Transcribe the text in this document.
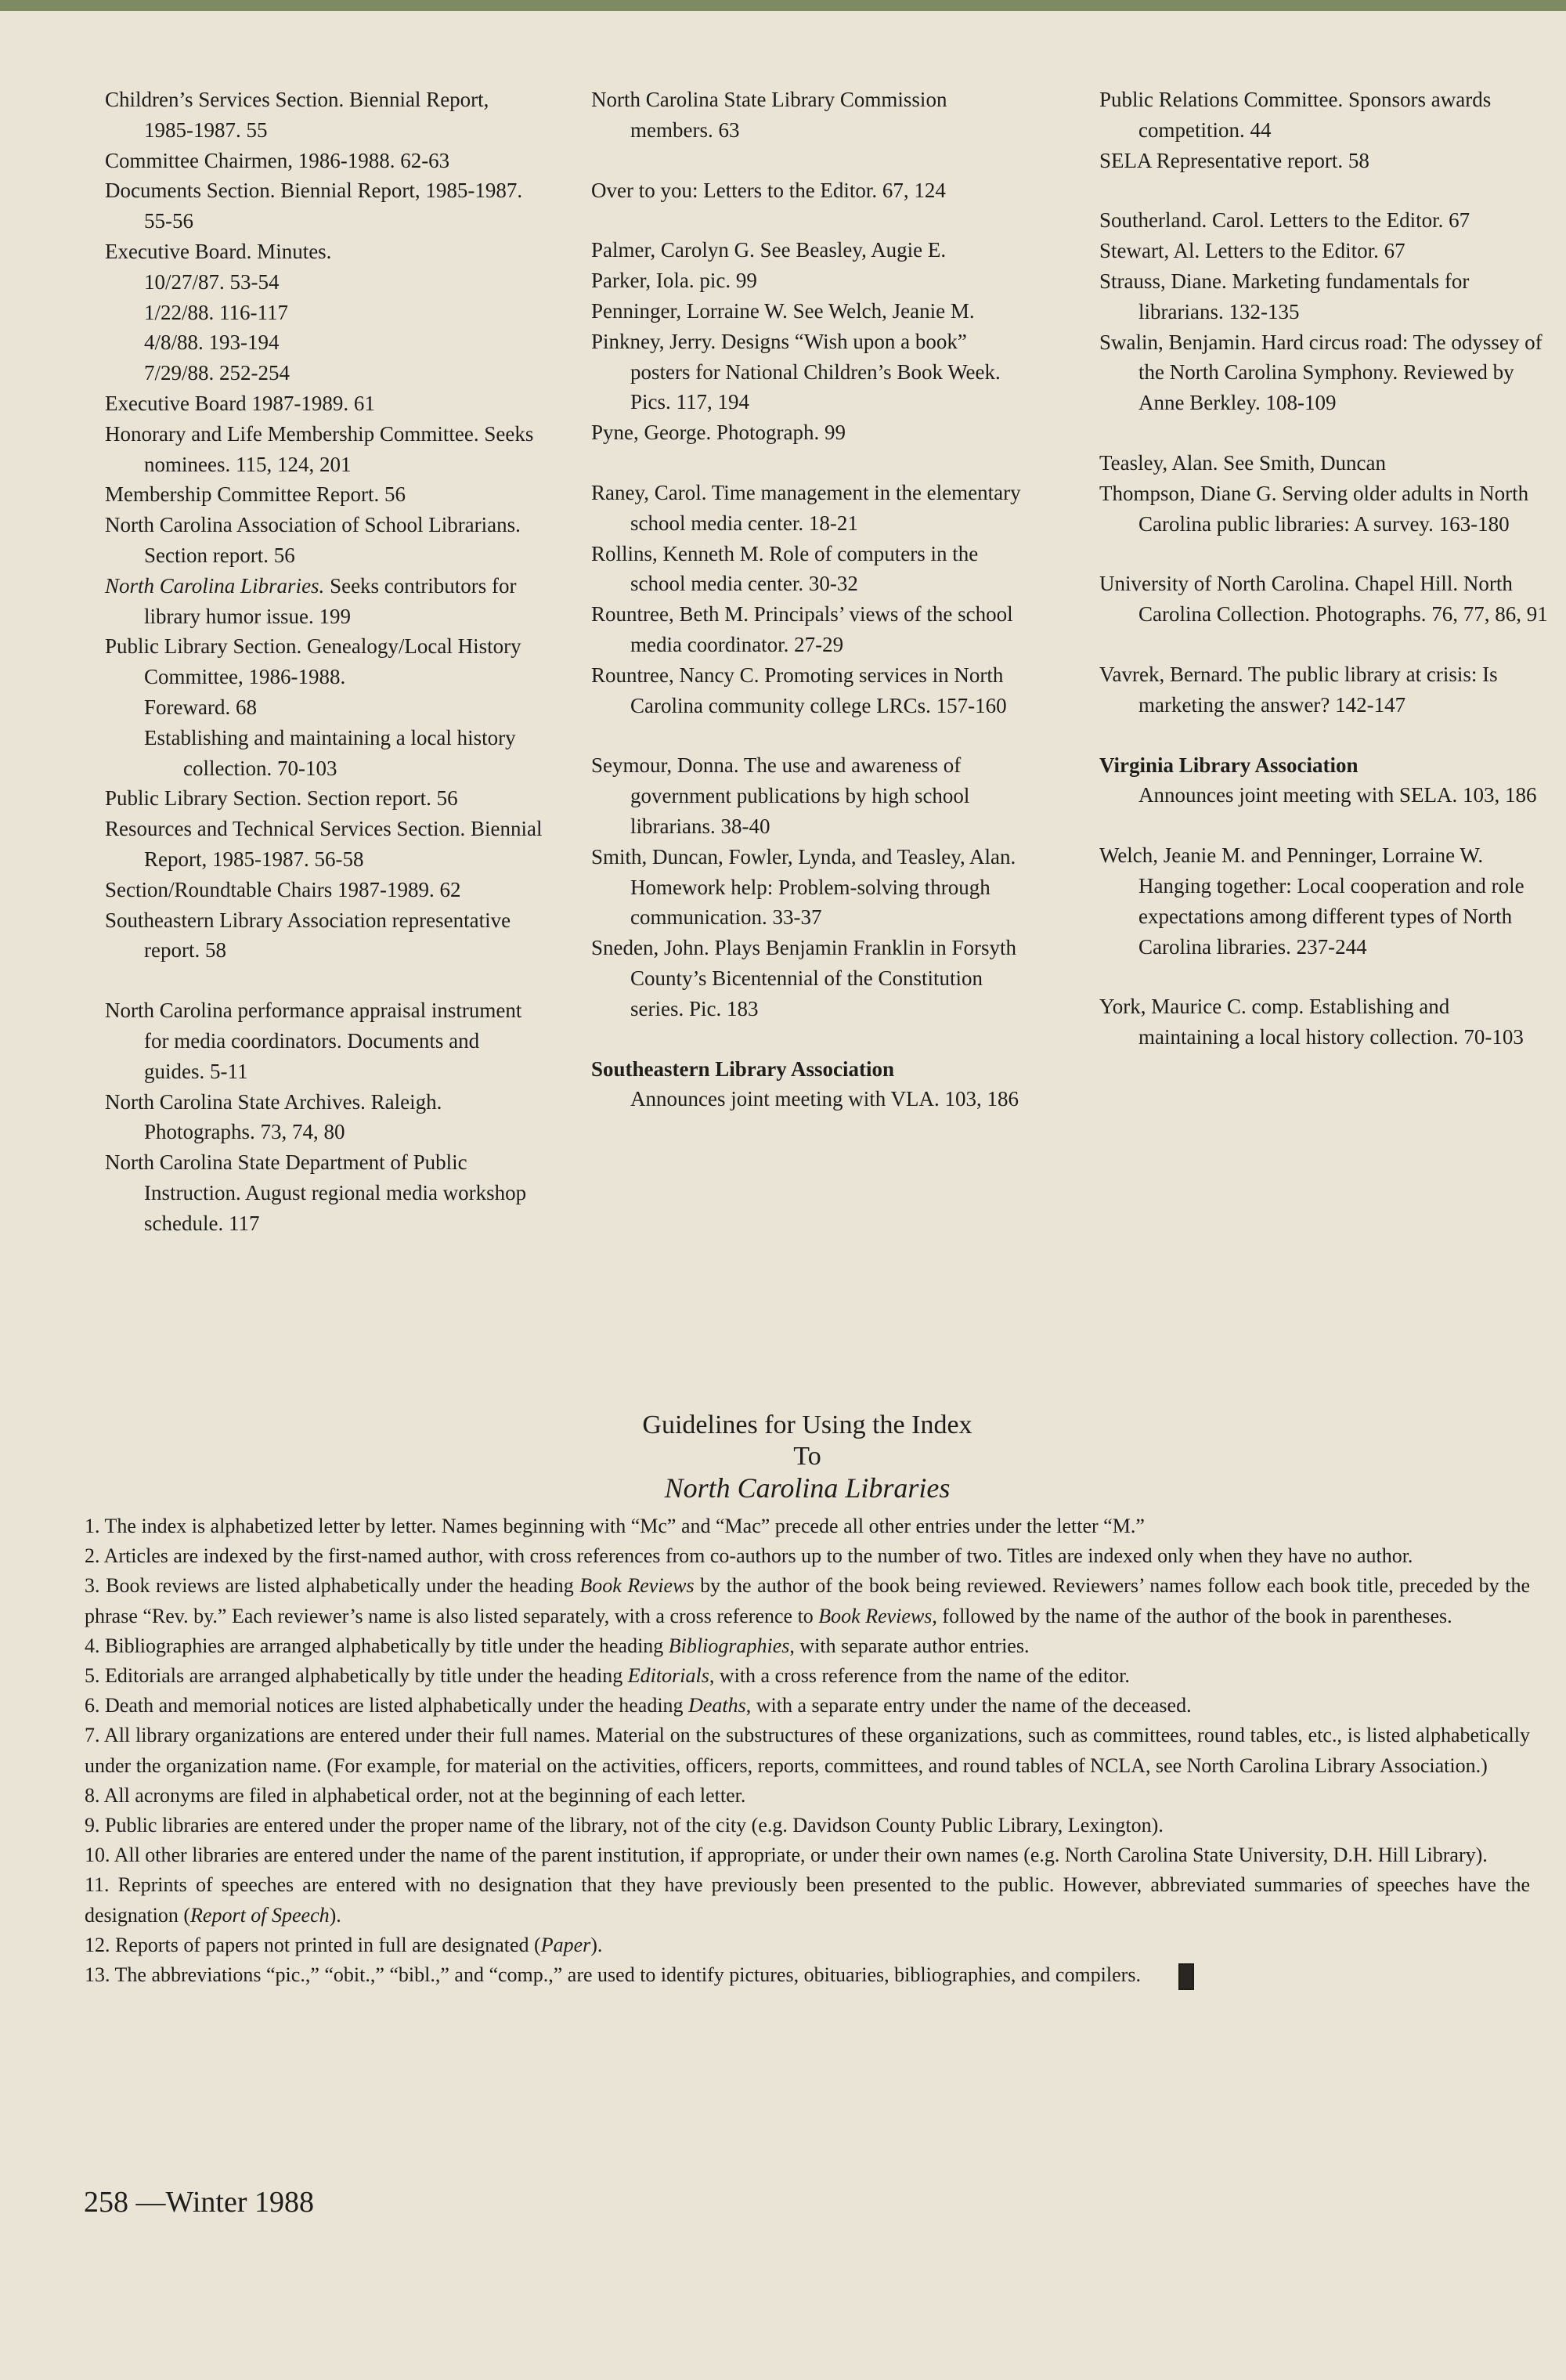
Children’s Services Section. Biennial Report, 1985-1987. 55
Committee Chairmen, 1986-1988. 62-63
Documents Section. Biennial Report, 1985-1987. 55-56
Executive Board. Minutes.
10/27/87. 53-54
1/22/88. 116-117
4/8/88. 193-194
7/29/88. 252-254
Executive Board 1987-1989. 61
Honorary and Life Membership Committee. Seeks nominees. 115, 124, 201
Membership Committee Report. 56
North Carolina Association of School Librarians. Section report. 56
North Carolina Libraries. Seeks contributors for library humor issue. 199
Public Library Section. Genealogy/Local History Committee, 1986-1988.
Foreward. 68
Establishing and maintaining a local history collection. 70-103
Public Library Section. Section report. 56
Resources and Technical Services Section. Biennial Report, 1985-1987. 56-58
Section/Roundtable Chairs 1987-1989. 62
Southeastern Library Association representative report. 58
North Carolina performance appraisal instrument for media coordinators. Documents and guides. 5-11
North Carolina State Archives. Raleigh. Photographs. 73, 74, 80
North Carolina State Department of Public Instruction. August regional media workshop schedule. 117
North Carolina State Library Commission members. 63
Over to you: Letters to the Editor. 67, 124
Palmer, Carolyn G. See Beasley, Augie E.
Parker, Iola. pic. 99
Penninger, Lorraine W. See Welch, Jeanie M.
Pinkney, Jerry. Designs “Wish upon a book” posters for National Children’s Book Week. Pics. 117, 194
Pyne, George. Photograph. 99
Raney, Carol. Time management in the elementary school media center. 18-21
Rollins, Kenneth M. Role of computers in the school media center. 30-32
Rountree, Beth M. Principals’ views of the school media coordinator. 27-29
Rountree, Nancy C. Promoting services in North Carolina community college LRCs. 157-160
Seymour, Donna. The use and awareness of government publications by high school librarians. 38-40
Smith, Duncan, Fowler, Lynda, and Teasley, Alan. Homework help: Problem-solving through communication. 33-37
Sneden, John. Plays Benjamin Franklin in Forsyth County’s Bicentennial of the Constitution series. Pic. 183
Southeastern Library Association
Announces joint meeting with VLA. 103, 186
Public Relations Committee. Sponsors awards competition. 44
SELA Representative report. 58
Southerland. Carol. Letters to the Editor. 67
Stewart, Al. Letters to the Editor. 67
Strauss, Diane. Marketing fundamentals for librarians. 132-135
Swalin, Benjamin. Hard circus road: The odyssey of the North Carolina Symphony. Reviewed by Anne Berkley. 108-109
Teasley, Alan. See Smith, Duncan
Thompson, Diane G. Serving older adults in North Carolina public libraries: A survey. 163-180
University of North Carolina. Chapel Hill. North Carolina Collection. Photographs. 76, 77, 86, 91
Vavrek, Bernard. The public library at crisis: Is marketing the answer? 142-147
Virginia Library Association
Announces joint meeting with SELA. 103, 186
Welch, Jeanie M. and Penninger, Lorraine W. Hanging together: Local cooperation and role expectations among different types of North Carolina libraries. 237-244
York, Maurice C. comp. Establishing and maintaining a local history collection. 70-103
Guidelines for Using the Index
To
North Carolina Libraries

1. The index is alphabetized letter by letter. Names beginning with “Mc” and “Mac” precede all other entries under the letter “M.”

2. Articles are indexed by the first-named author, with cross references from co-authors up to the number of two. Titles are indexed only when they have no author.

3. Book reviews are listed alphabetically under the heading Book Reviews by the author of the book being reviewed. Reviewers’ names follow each book title, preceded by the phrase “Rev. by.” Each reviewer’s name is also listed separately, with a cross reference to Book Reviews, followed by the name of the author of the book in parentheses.

4. Bibliographies are arranged alphabetically by title under the heading Bibliographies, with separate author entries.

5. Editorials are arranged alphabetically by title under the heading Editorials, with a cross reference from the name of the editor.

6. Death and memorial notices are listed alphabetically under the heading Deaths, with a separate entry under the name of the deceased.

7. All library organizations are entered under their full names. Material on the substructures of these organizations, such as committees, round tables, etc., is listed alphabetically under the organization name. (For example, for material on the activities, officers, reports, committees, and round tables of NCLA, see North Carolina Library Association.)

8. All acronyms are filed in alphabetical order, not at the beginning of each letter.

9. Public libraries are entered under the proper name of the library, not of the city (e.g. Davidson County Public Library, Lexington).

10. All other libraries are entered under the name of the parent institution, if appropriate, or under their own names (e.g. North Carolina State University, D.H. Hill Library).

11. Reprints of speeches are entered with no designation that they have previously been presented to the public. However, abbreviated summaries of speeches have the designation (Report of Speech).

12. Reports of papers not printed in full are designated (Paper).

13. The abbreviations “pic.,” “obit.,” “bibl.,” and “comp.,” are used to identify pictures, obituaries, bibliographies, and compilers.

258 —Winter 1988
